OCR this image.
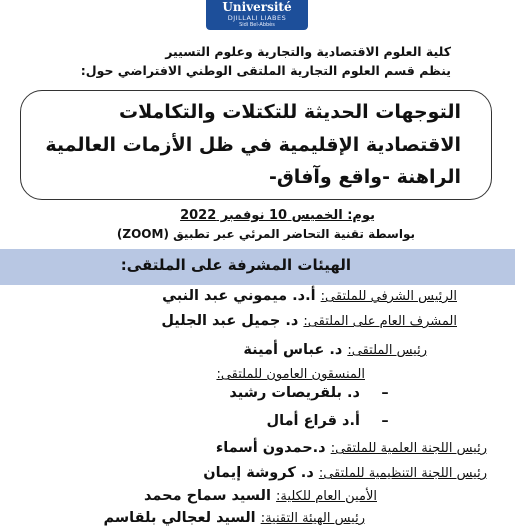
Université
DJILLALI LIABES
Sidi Bel-Abbès
كلية العلوم الاقتصادية والتجارية وعلوم التسيير
ينظم قسم العلوم التجارية الملتقى الوطني الافتراضي حول:
التوجهات الحديثة للتكتلات والتكاملات
الاقتصادية الإقليمية في ظل الأزمات العالمية
الراهنة -واقع وآفاق-
يوم: الخميس 10 نوفمبر 2022
بواسطة تقنية التحاضر المرئي عبر تطبيق (ZOOM)
الهيئات المشرفة على الملتقى:
الرئيس الشرفي للملتقى: أ.د. ميموني عبد النبي
المشرف العام على الملتقى: د. جميل عبد الجليل
رئيس الملتقى: د. عباس أمينة
المنسقون العامون للملتقى:
– د. بلقريصات رشيد
– أ.د قراع أمال
رئيس اللجنة العلمية للملتقى: د.حمدون أسماء
رئيس اللجنة التنظيمية للملتقى: د. كروشة إيمان
الأمين العام للكلية: السيد سماح محمد
رئيس الهيئة التقنية: السيد لعجالي بلقاسم
